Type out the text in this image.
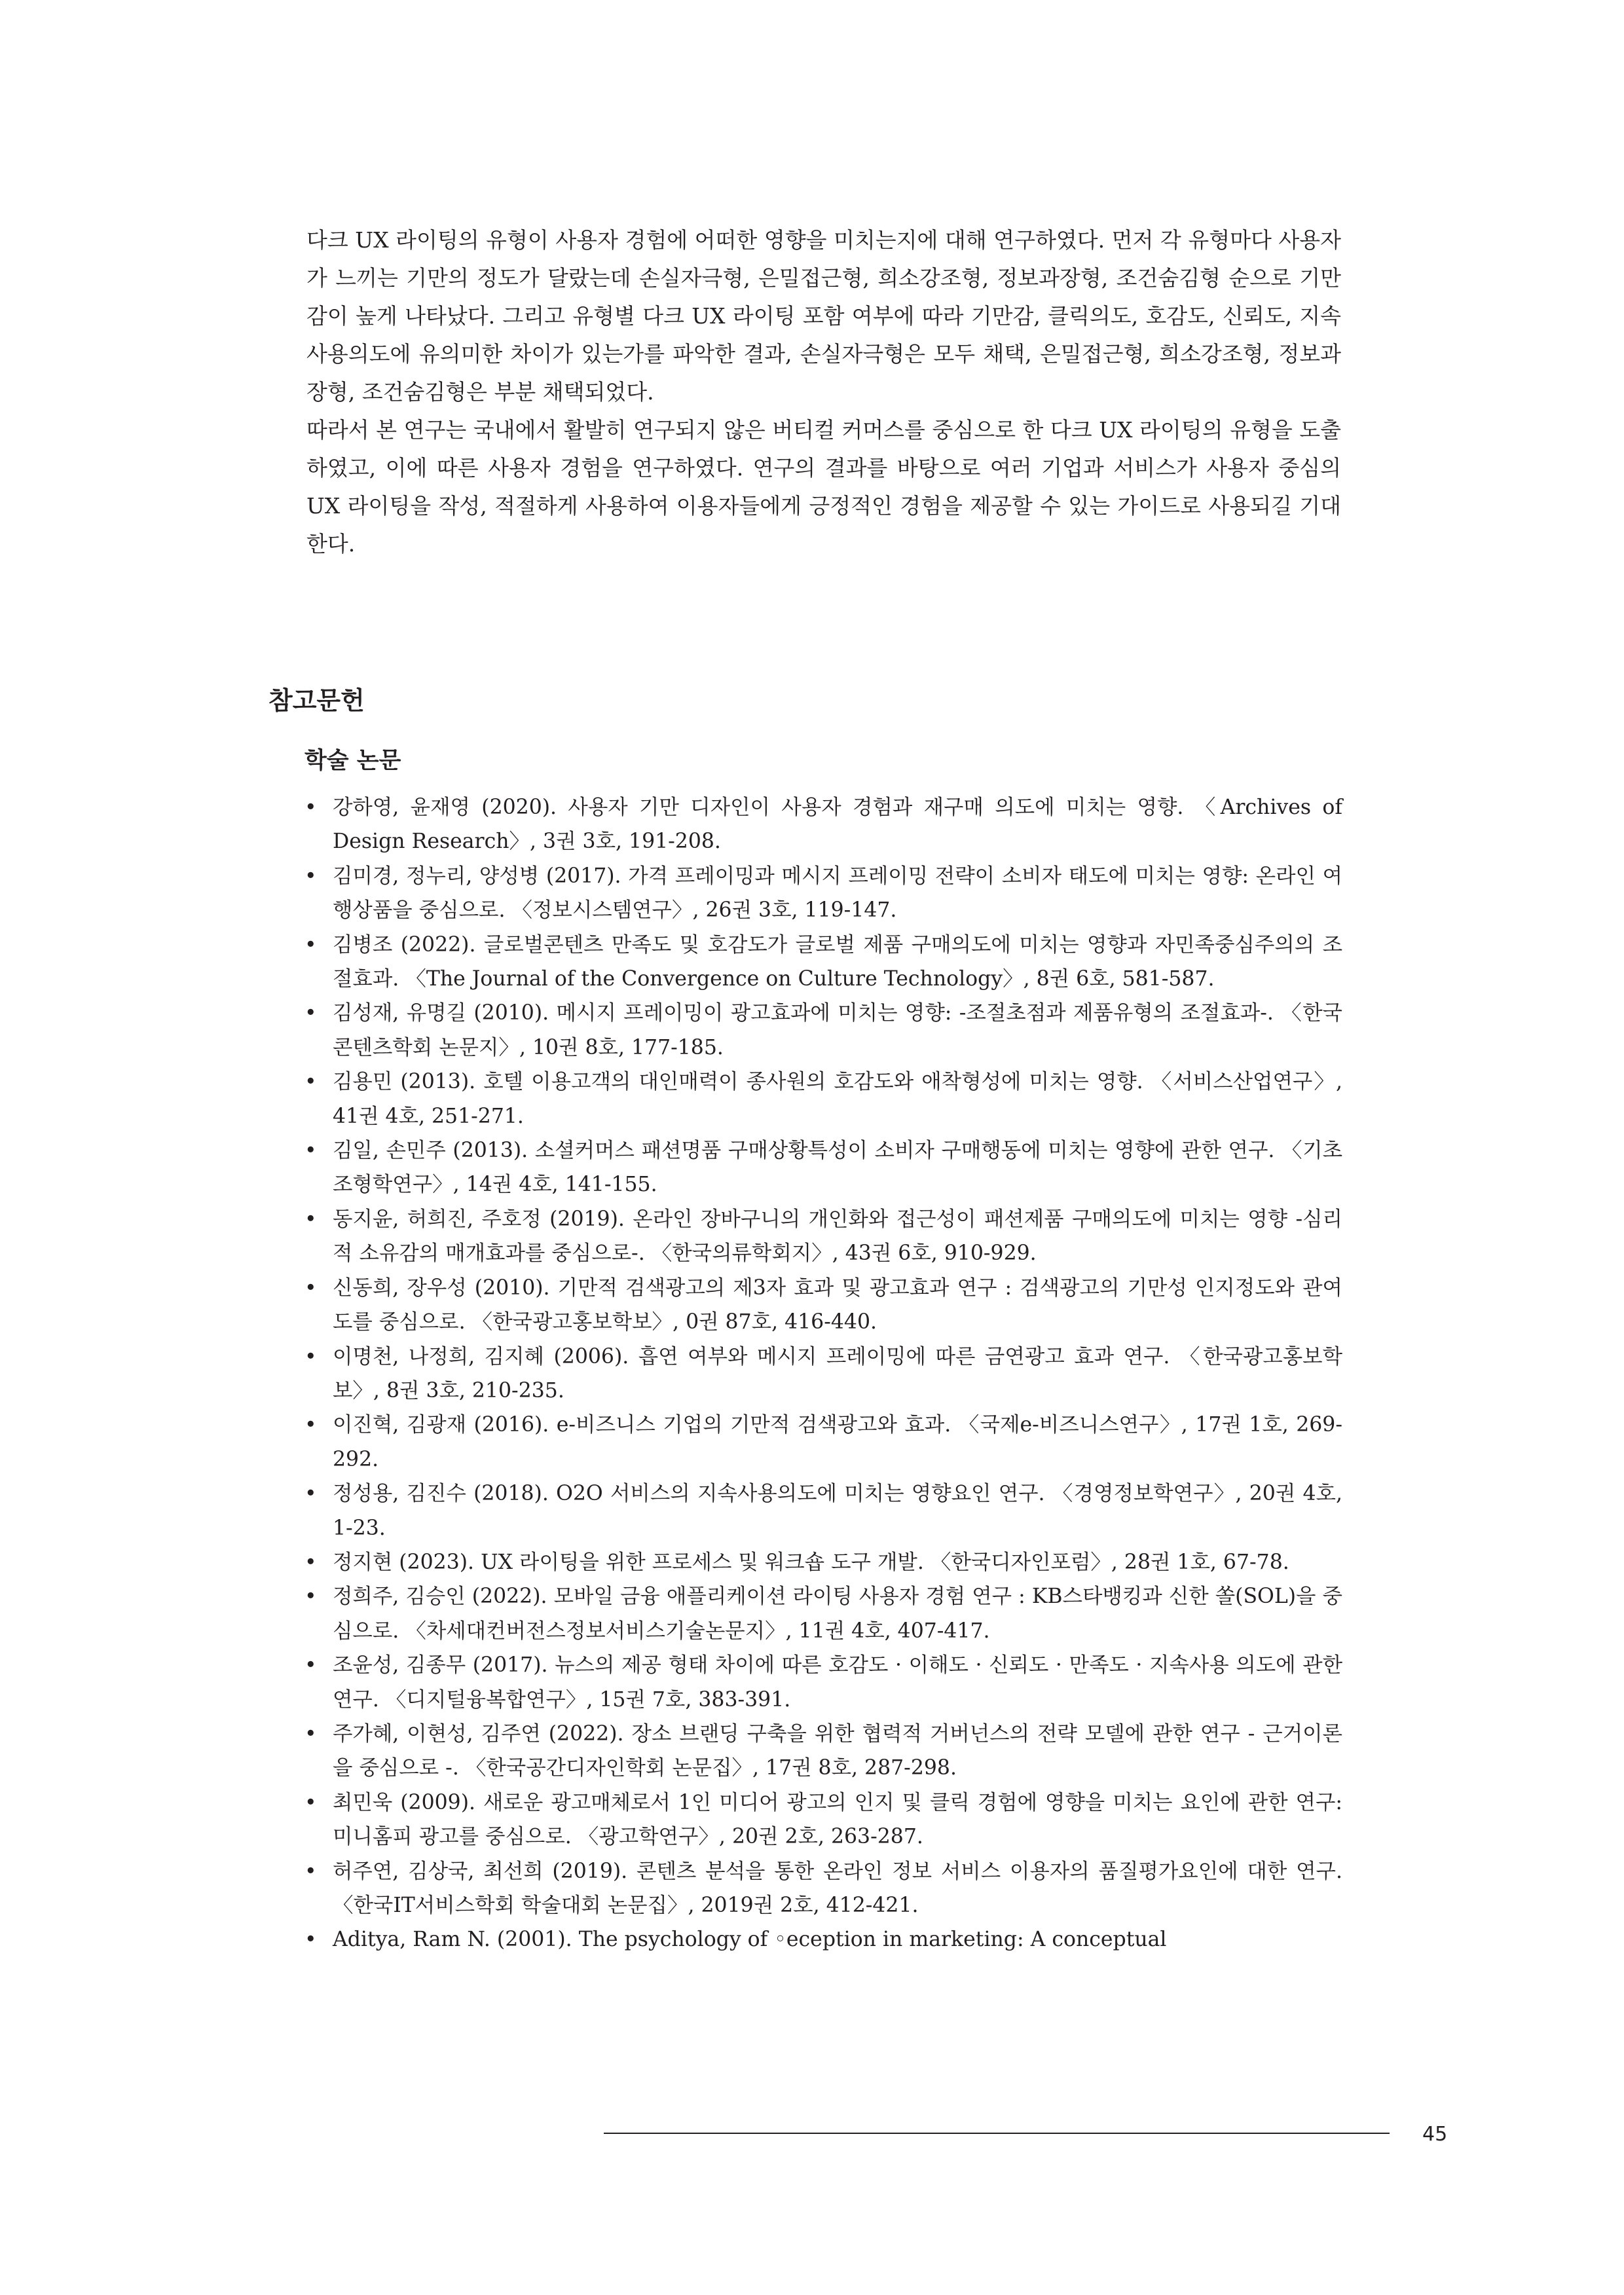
다크 UX 라이팅의 유형이 사용자 경험에 어떠한 영향을 미치는지에 대해 연구하였다. 먼저 각 유형마다 사용자가 느끼는 기만의 정도가 달랐는데 손실자극형, 은밀접근형, 희소강조형, 정보과장형, 조건숨김형 순으로 기만감이 높게 나타났다. 그리고 유형별 다크 UX 라이팅 포함 여부에 따라 기만감, 클릭의도, 호감도, 신뢰도, 지속사용의도에 유의미한 차이가 있는가를 파악한 결과, 손실자극형은 모두 채택, 은밀접근형, 희소강조형, 정보과장형, 조건숨김형은 부분 채택되었다.

따라서 본 연구는 국내에서 활발히 연구되지 않은 버티컬 커머스를 중심으로 한 다크 UX 라이팅의 유형을 도출하였고, 이에 따른 사용자 경험을 연구하였다. 연구의 결과를 바탕으로 여러 기업과 서비스가 사용자 중심의 UX 라이팅을 작성, 적절하게 사용하여 이용자들에게 긍정적인 경험을 제공할 수 있는 가이드로 사용되길 기대한다.

참고문헌
학술 논문
• 강하영, 윤재영 (2020). 사용자 기만 디자인이 사용자 경험과 재구매 의도에 미치는 영향. 〈Archives of Design Research〉, 3권 3호, 191-208.
• 김미경, 정누리, 양성병 (2017). 가격 프레이밍과 메시지 프레이밍 전략이 소비자 태도에 미치는 영향: 온라인 여행상품을 중심으로. 〈정보시스템연구〉, 26권 3호, 119-147.
• 김병조 (2022). 글로벌콘텐츠 만족도 및 호감도가 글로벌 제품 구매의도에 미치는 영향과 자민족중심주의의 조절효과. 〈The Journal of the Convergence on Culture Technology〉, 8권 6호, 581-587.
• 김성재, 유명길 (2010). 메시지 프레이밍이 광고효과에 미치는 영향: -조절초점과 제품유형의 조절효과-. 〈한국콘텐츠학회 논문지〉, 10권 8호, 177-185.
• 김용민 (2013). 호텔 이용고객의 대인매력이 종사원의 호감도와 애착형성에 미치는 영향. 〈서비스산업연구〉, 41권 4호, 251-271.
• 김일, 손민주 (2013). 소셜커머스 패션명품 구매상황특성이 소비자 구매행동에 미치는 영향에 관한 연구. 〈기초조형학연구〉, 14권 4호, 141-155.
• 동지윤, 허희진, 주호정 (2019). 온라인 장바구니의 개인화와 접근성이 패션제품 구매의도에 미치는 영향 -심리적 소유감의 매개효과를 중심으로-. 〈한국의류학회지〉, 43권 6호, 910-929.
• 신동희, 장우성 (2010). 기만적 검색광고의 제3자 효과 및 광고효과 연구 : 검색광고의 기만성 인지정도와 관여도를 중심으로. 〈한국광고홍보학보〉, 0권 87호, 416-440.
• 이명천, 나정희, 김지혜 (2006). 흡연 여부와 메시지 프레이밍에 따른 금연광고 효과 연구. 〈한국광고홍보학보〉, 8권 3호, 210-235.
• 이진혁, 김광재 (2016). e-비즈니스 기업의 기만적 검색광고와 효과. 〈국제e-비즈니스연구〉, 17권 1호, 269-292.
• 정성용, 김진수 (2018). O2O 서비스의 지속사용의도에 미치는 영향요인 연구. 〈경영정보학연구〉, 20권 4호, 1-23.
• 정지현 (2023). UX 라이팅을 위한 프로세스 및 워크숍 도구 개발. 〈한국디자인포럼〉, 28권 1호, 67-78.
• 정희주, 김승인 (2022). 모바일 금융 애플리케이션 라이팅 사용자 경험 연구 : KB스타뱅킹과 신한 쏠(SOL)을 중심으로. 〈차세대컨버전스정보서비스기술논문지〉, 11권 4호, 407-417.
• 조윤성, 김종무 (2017). 뉴스의 제공 형태 차이에 따른 호감도 · 이해도 · 신뢰도 · 만족도 · 지속사용 의도에 관한 연구. 〈디지털융복합연구〉, 15권 7호, 383-391.
• 주가혜, 이현성, 김주연 (2022). 장소 브랜딩 구축을 위한 협력적 거버넌스의 전략 모델에 관한 연구 - 근거이론을 중심으로 -. 〈한국공간디자인학회 논문집〉, 17권 8호, 287-298.
• 최민욱 (2009). 새로운 광고매체로서 1인 미디어 광고의 인지 및 클릭 경험에 영향을 미치는 요인에 관한 연구: 미니홈피 광고를 중심으로. 〈광고학연구〉, 20권 2호, 263-287.
• 허주연, 김상국, 최선희 (2019). 콘텐츠 분석을 통한 온라인 정보 서비스 이용자의 품질평가요인에 대한 연구. 〈한국IT서비스학회 학술대회 논문집〉, 2019권 2호, 412-421.
• Aditya, Ram N. (2001). The psychology of ◦eception in marketing: A conceptual
45
